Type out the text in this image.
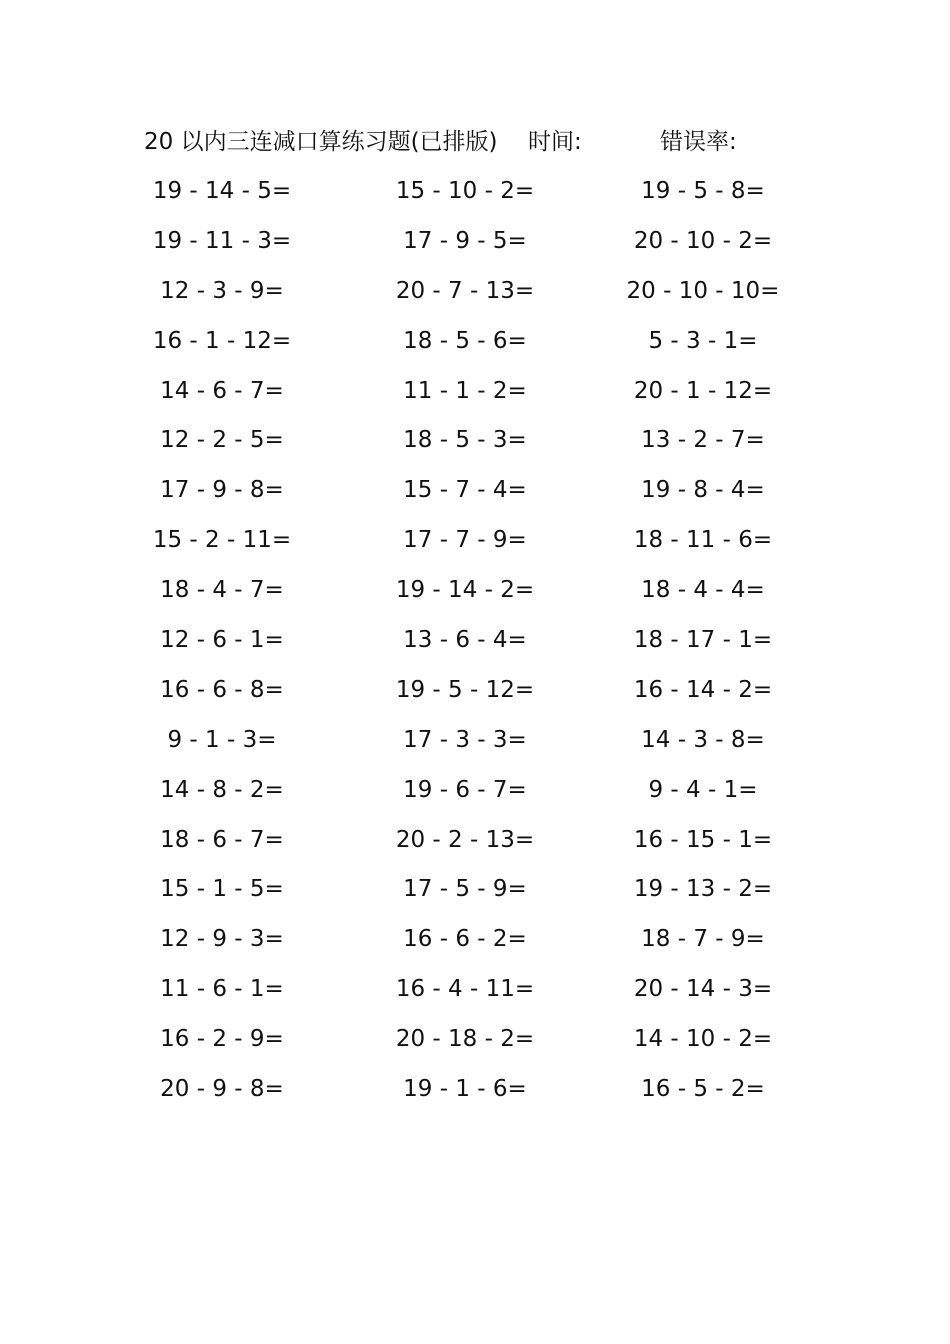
20 以内三连减口算练习题(已排版) 时间:	错误率:
19 - 14 - 5=	15 - 10 - 2=	19 - 5 - 8=
19 - 11 - 3=	17 - 9 - 5=	20 - 10 - 2=
12 - 3 - 9=	20 - 7 - 13=	20 - 10 - 10=
16 - 1 - 12=	18 - 5 - 6=	5 - 3 - 1=
14 - 6 - 7=	11 - 1 - 2=	20 - 1 - 12=
12 - 2 - 5=	18 - 5 - 3=	13 - 2 - 7=
17 - 9 - 8=	15 - 7 - 4=	19 - 8 - 4=
15 - 2 - 11=	17 - 7 - 9=	18 - 11 - 6=
18 - 4 - 7=	19 - 14 - 2=	18 - 4 - 4=
12 - 6 - 1=	13 - 6 - 4=	18 - 17 - 1=
16 - 6 - 8=	19 - 5 - 12=	16 - 14 - 2=
9 - 1 - 3=	17 - 3 - 3=	14 - 3 - 8=
14 - 8 - 2=	19 - 6 - 7=	9 - 4 - 1=
18 - 6 - 7=	20 - 2 - 13=	16 - 15 - 1=
15 - 1 - 5=	17 - 5 - 9=	19 - 13 - 2=
12 - 9 - 3=	16 - 6 - 2=	18 - 7 - 9=
11 - 6 - 1=	16 - 4 - 11=	20 - 14 - 3=
16 - 2 - 9=	20 - 18 - 2=	14 - 10 - 2=
20 - 9 - 8=	19 - 1 - 6=	16 - 5 - 2=
